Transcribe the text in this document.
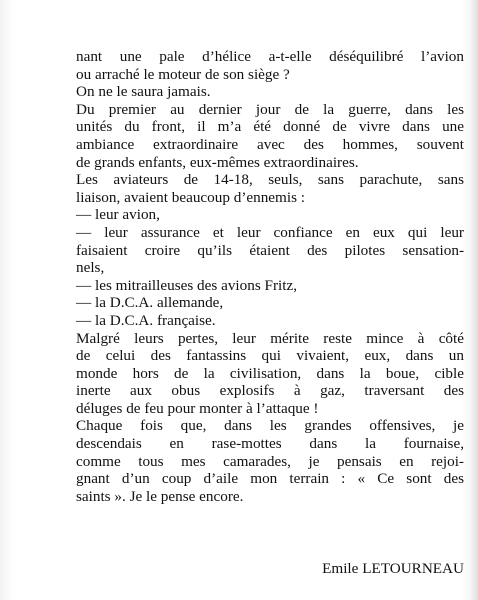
nant une pale d’hélice a-t-elle déséquilibré l’avion
ou arraché le moteur de son siège ?
On ne le saura jamais.
Du premier au dernier jour de la guerre, dans les
unités du front, il m’a été donné de vivre dans une
ambiance extraordinaire avec des hommes, souvent
de grands enfants, eux-mêmes extraordinaires.
Les aviateurs de 14-18, seuls, sans parachute, sans
liaison, avaient beaucoup d’ennemis :
— leur avion,
— leur assurance et leur confiance en eux qui leur
faisaient croire qu’ils étaient des pilotes sensation-
nels,
— les mitrailleuses des avions Fritz,
— la D.C.A. allemande,
— la D.C.A. française.
Malgré leurs pertes, leur mérite reste mince à côté
de celui des fantassins qui vivaient, eux, dans un
monde hors de la civilisation, dans la boue, cible
inerte aux obus explosifs à gaz, traversant des
déluges de feu pour monter à l’attaque !
Chaque fois que, dans les grandes offensives, je
descendais en rase-mottes dans la fournaise,
comme tous mes camarades, je pensais en rejoi-
gnant d’un coup d’aile mon terrain : « Ce sont des
saints ». Je le pense encore.
Emile LETOURNEAU
